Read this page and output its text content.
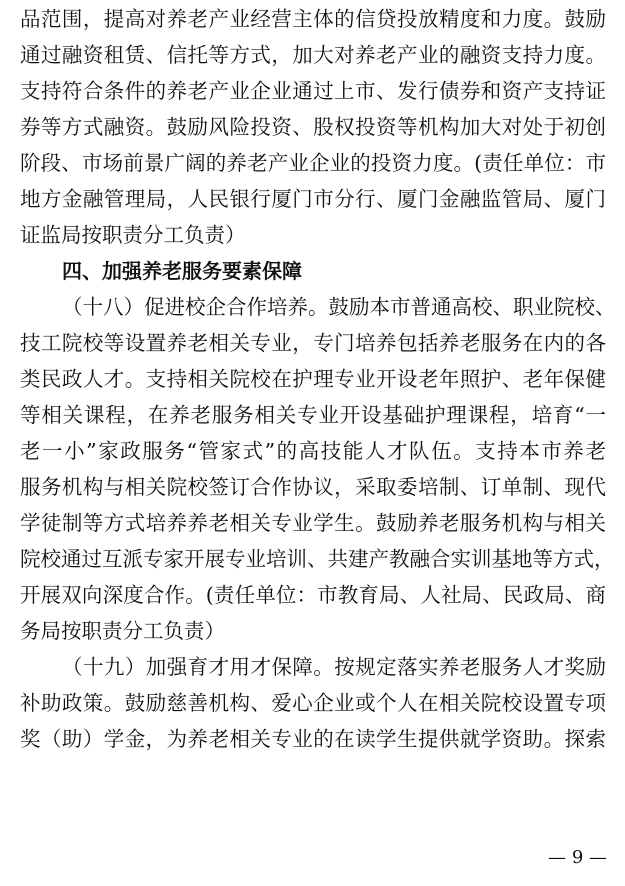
品范围，提高对养老产业经营主体的信贷投放精度和力度。鼓励
通过融资租赁、信托等方式，加大对养老产业的融资支持力度。
支持符合条件的养老产业企业通过上市、发行债券和资产支持证
券等方式融资。鼓励风险投资、股权投资等机构加大对处于初创
阶段、市场前景广阔的养老产业企业的投资力度。(责任单位：市
地方金融管理局，人民银行厦门市分行、厦门金融监管局、厦门
证监局按职责分工负责）
四、加强养老服务要素保障
（十八）促进校企合作培养。鼓励本市普通高校、职业院校、
技工院校等设置养老相关专业，专门培养包括养老服务在内的各
类民政人才。支持相关院校在护理专业开设老年照护、老年保健
等相关课程，在养老服务相关专业开设基础护理课程，培育“一
老一小”家政服务“管家式”的高技能人才队伍。支持本市养老
服务机构与相关院校签订合作协议，采取委培制、订单制、现代
学徒制等方式培养养老相关专业学生。鼓励养老服务机构与相关
院校通过互派专家开展专业培训、共建产教融合实训基地等方式，
开展双向深度合作。(责任单位：市教育局、人社局、民政局、商
务局按职责分工负责）
（十九）加强育才用才保障。按规定落实养老服务人才奖励
补助政策。鼓励慈善机构、爱心企业或个人在相关院校设置专项
奖（助）学金，为养老相关专业的在读学生提供就学资助。探索
— 9 —
